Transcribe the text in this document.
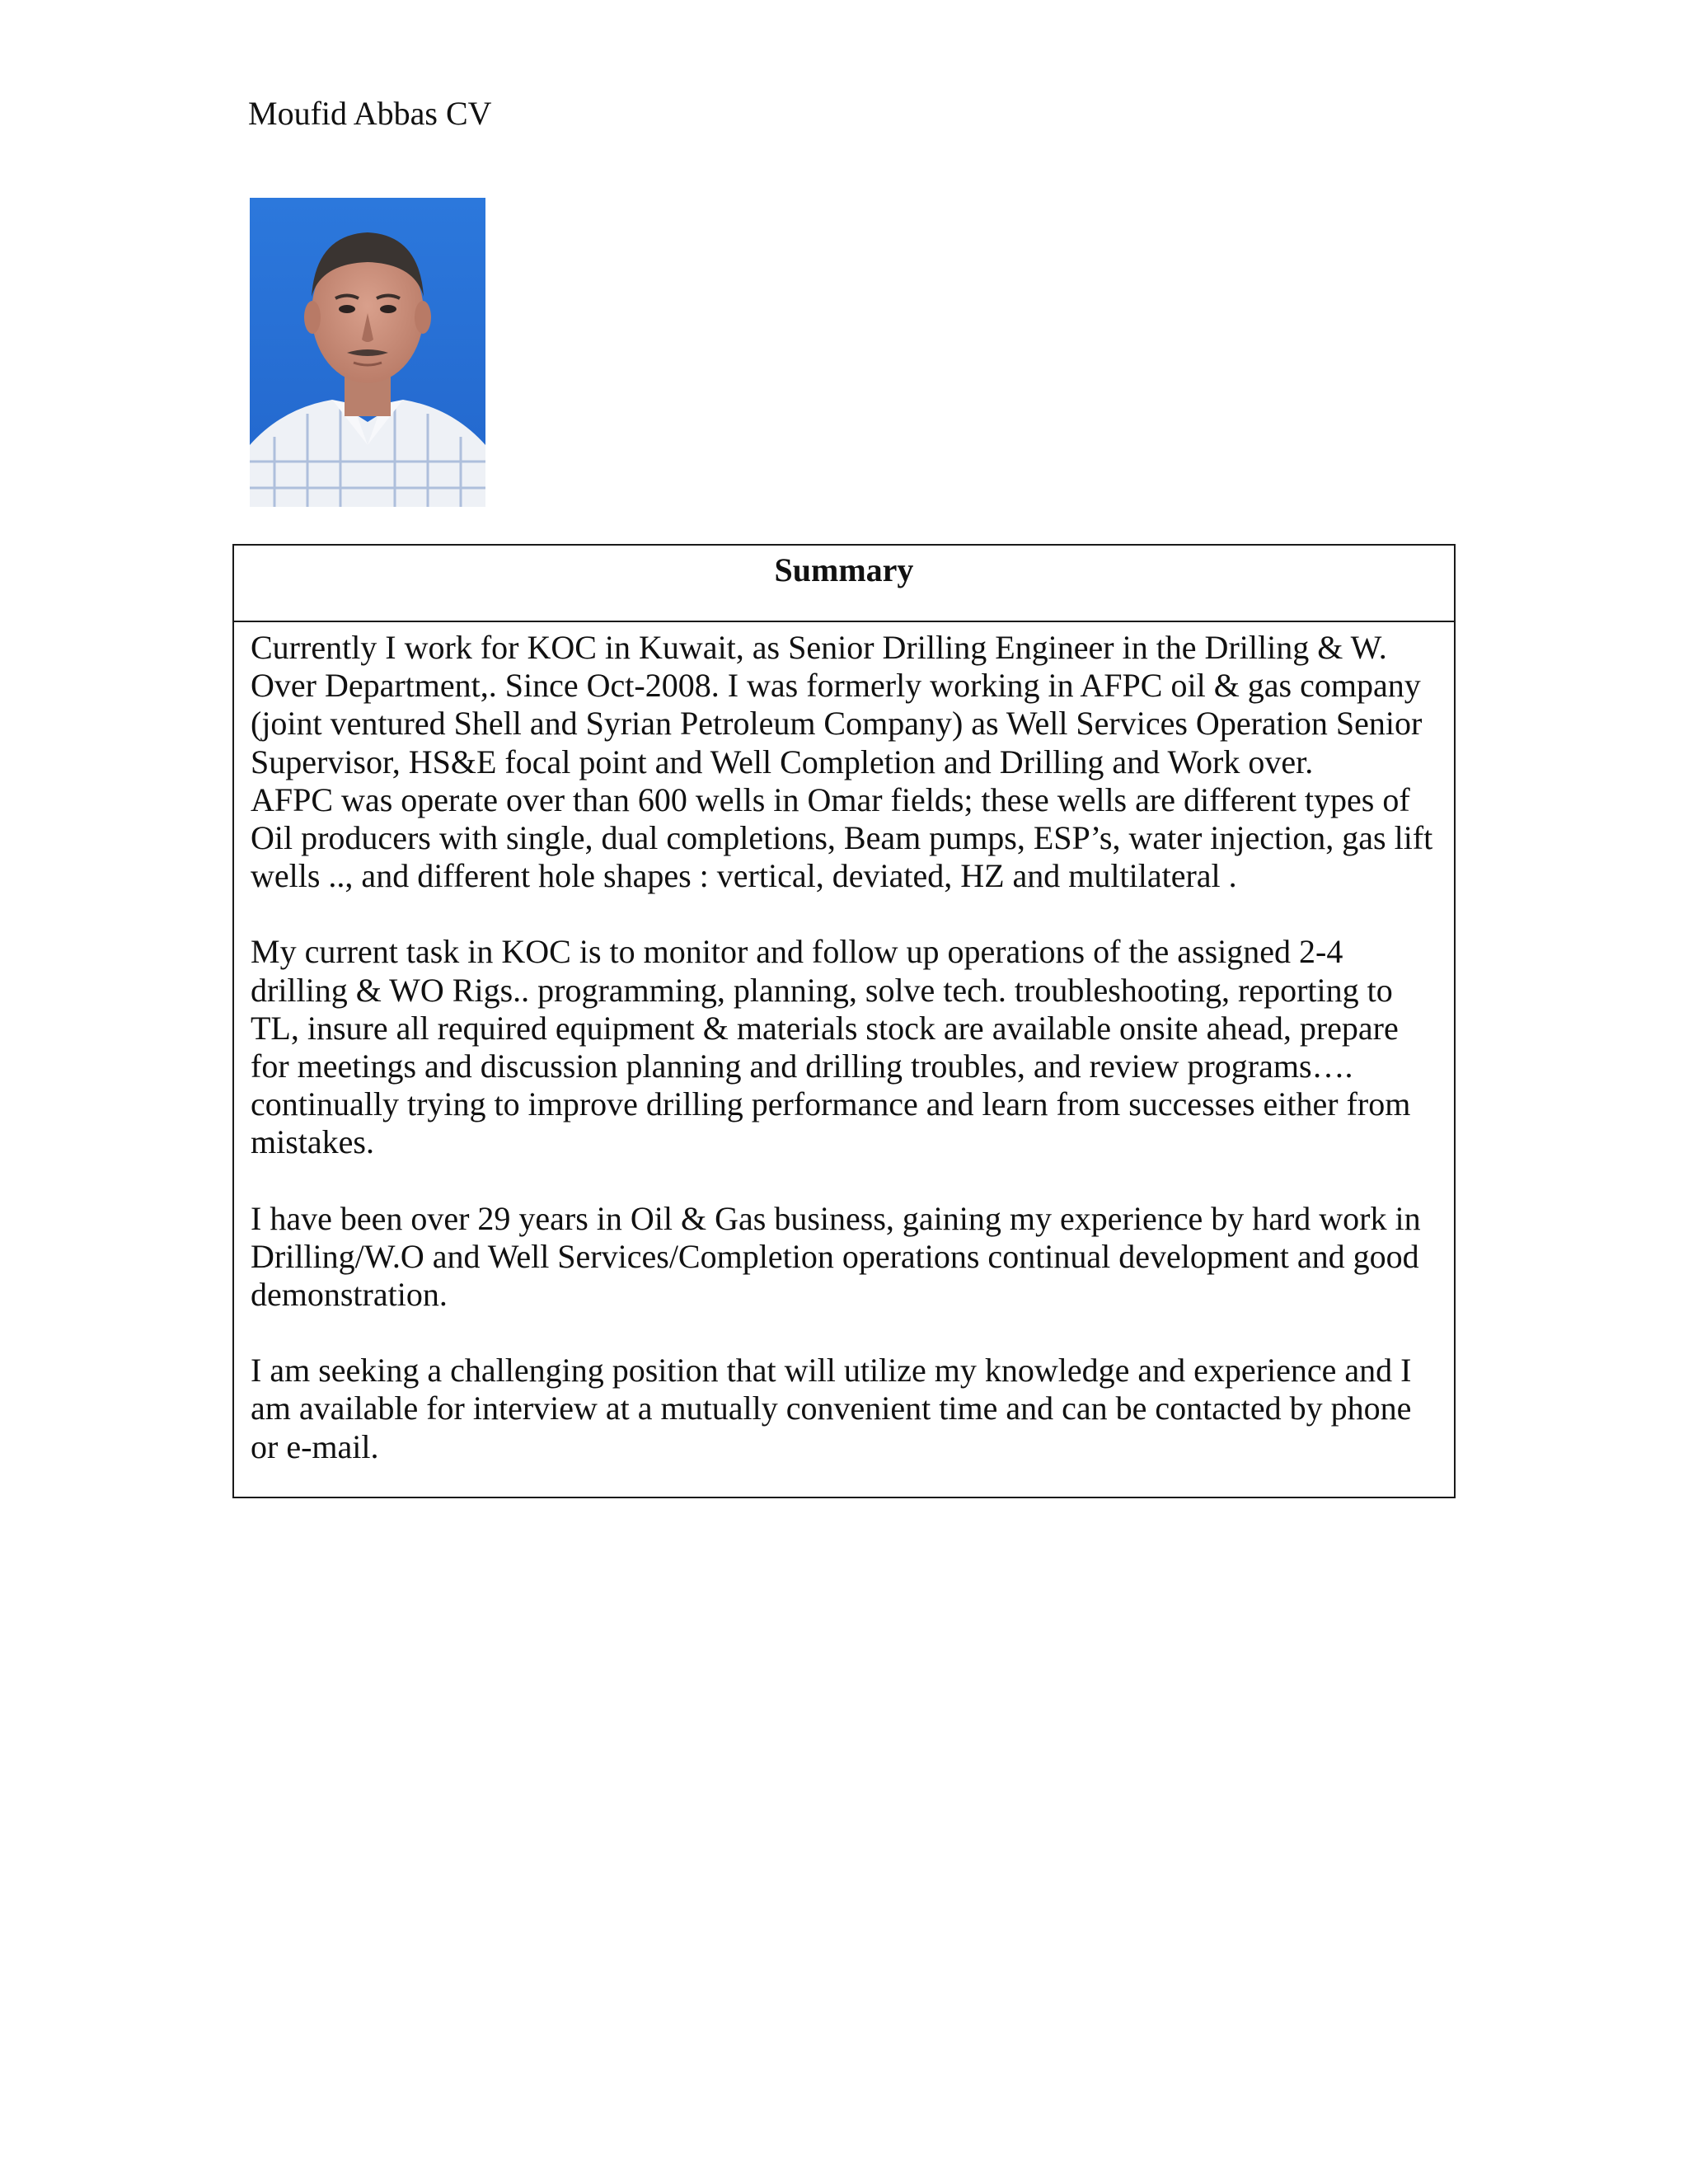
Moufid Abbas CV
Summary

Currently I work for KOC in Kuwait, as Senior Drilling Engineer in the Drilling & W.
Over Department,. Since Oct-2008. I was formerly working in AFPC oil & gas company
(joint ventured Shell and Syrian Petroleum Company) as Well Services Operation Senior
Supervisor, HS&E focal point and Well Completion and Drilling and Work over.
AFPC was operate over than 600 wells in Omar fields; these wells are different types of
Oil producers with single, dual completions, Beam pumps, ESP’s, water injection, gas lift
wells .., and different hole shapes : vertical, deviated, HZ and multilateral .

My current task in KOC is to monitor and follow up operations of the assigned 2-4
drilling & WO Rigs.. programming, planning, solve tech. troubleshooting, reporting to
TL, insure all required equipment & materials stock are available onsite ahead, prepare
for meetings and discussion planning and drilling troubles, and review programs….
continually trying to improve drilling performance and learn from successes either from
mistakes.

I have been over 29 years in Oil & Gas business, gaining my experience by hard work in
Drilling/W.O and Well Services/Completion operations continual development and good
demonstration.

I am seeking a challenging position that will utilize my knowledge and experience and I
am available for interview at a mutually convenient time and can be contacted by phone
or e-mail.
